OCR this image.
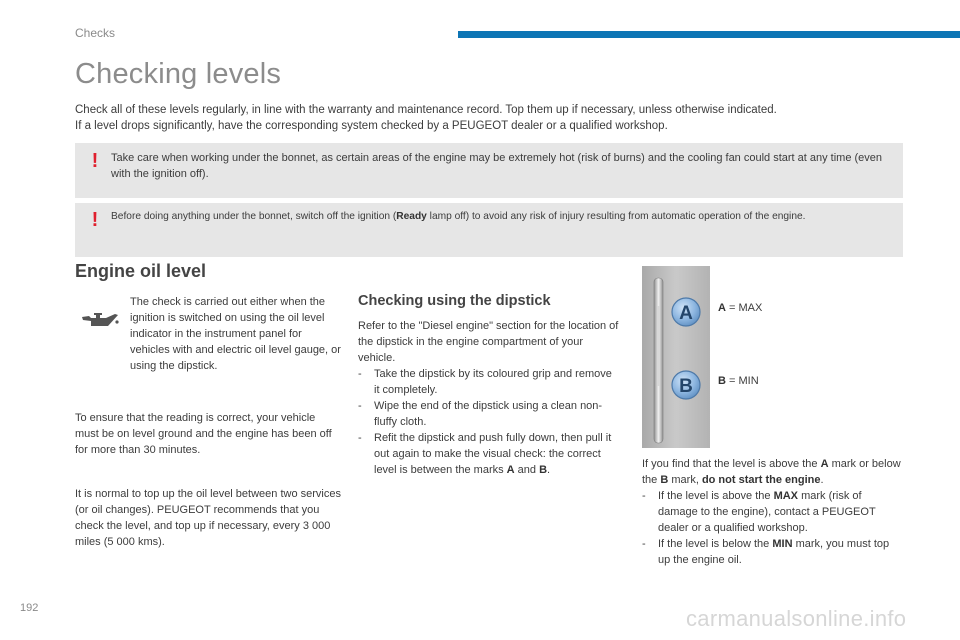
Checks
Checking levels

Check all of these levels regularly, in line with the warranty and maintenance record. Top them up if necessary, unless otherwise indicated.

If a level drops significantly, have the corresponding system checked by a PEUGEOT dealer or a qualified workshop.

!	Take care when working under the bonnet, as certain areas of the engine may be extremely hot (risk of burns) and the cooling fan could start at any time (even with the ignition off).
!	Before doing anything under the bonnet, switch off the ignition (Ready lamp off) to avoid any risk of injury resulting from automatic operation of the engine.
Engine oil level
The check is carried out either when the ignition is switched on using the oil level indicator in the instrument panel for vehicles with and electric oil level gauge, or using the dipstick.
To ensure that the reading is correct, your vehicle must be on level ground and the engine has been off for more than 30 minutes.
It is normal to top up the oil level between two services (or oil changes). PEUGEOT recommends that you check the level, and top up if necessary, every 3 000 miles (5 000 kms).
Checking using the dipstick

Refer to the "Diesel engine" section for the location of the dipstick in the engine compartment of your vehicle.

- Take the dipstick by its coloured grip and remove it completely.
- Wipe the end of the dipstick using a clean non-fluffy cloth.
- Refit the dipstick and push fully down, then pull it out again to make the visual check: the correct level is between the marks A and B.
A
B
A = MAX
B = MIN

If you find that the level is above the A mark or below the B mark, do not start the engine.

- If the level is above the MAX mark (risk of damage to the engine), contact a PEUGEOT dealer or a qualified workshop.
- If the level is below the MIN mark, you must top up the engine oil.
192	carmanualsonline.info
